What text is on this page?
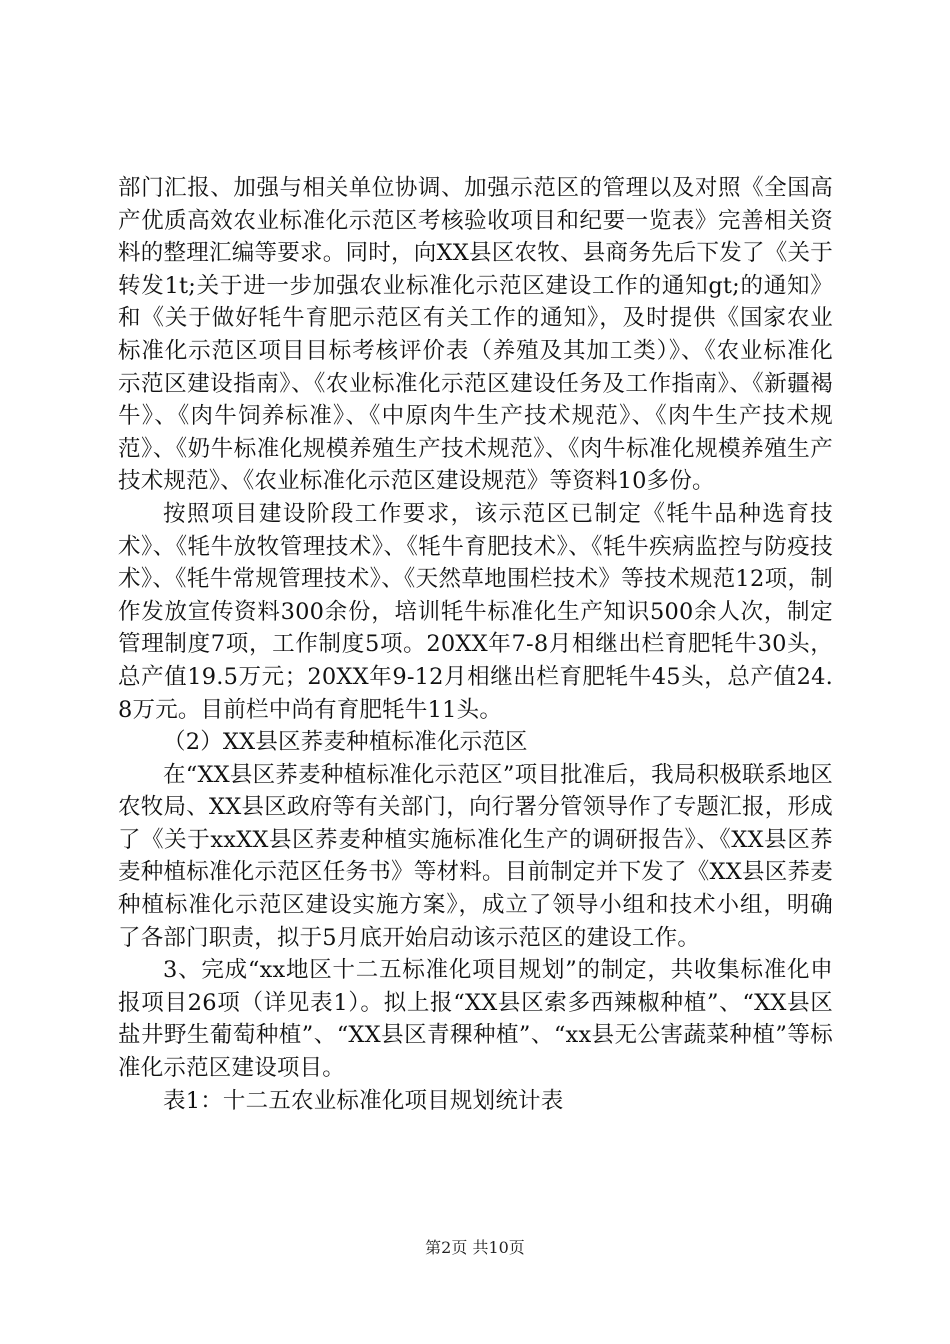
部门汇报、加强与相关单位协调、加强示范区的管理以及对照《全国高产优质高效农业标准化示范区考核验收项目和纪要一览表》完善相关资料的整理汇编等要求。同时，向XX县区农牧、县商务先后下发了《关于转发1t;关于进一步加强农业标准化示范区建设工作的通知gt;的通知》和《关于做好牦牛育肥示范区有关工作的通知》，及时提供《国家农业标准化示范区项目目标考核评价表（养殖及其加工类）》、《农业标准化示范区建设指南》、《农业标准化示范区建设任务及工作指南》、《新疆褐牛》、《肉牛饲养标准》、《中原肉牛生产技术规范》、《肉牛生产技术规范》、《奶牛标准化规模养殖生产技术规范》、《肉牛标准化规模养殖生产技术规范》、《农业标准化示范区建设规范》等资料10多份。

按照项目建设阶段工作要求，该示范区已制定《牦牛品种选育技术》、《牦牛放牧管理技术》、《牦牛育肥技术》、《牦牛疾病监控与防疫技术》、《牦牛常规管理技术》、《天然草地围栏技术》等技术规范12项，制作发放宣传资料300余份，培训牦牛标准化生产知识500余人次，制定管理制度7项，工作制度5项。20XX年7-8月相继出栏育肥牦牛30头，总产值19.5万元；20XX年9-12月相继出栏育肥牦牛45头，总产值24.8万元。目前栏中尚有育肥牦牛11头。

（2）XX县区荞麦种植标准化示范区

在“XX县区荞麦种植标准化示范区”项目批准后，我局积极联系地区农牧局、XX县区政府等有关部门，向行署分管领导作了专题汇报，形成了《关于xxXX县区荞麦种植实施标准化生产的调研报告》、《XX县区荞麦种植标准化示范区任务书》等材料。目前制定并下发了《XX县区荞麦种植标准化示范区建设实施方案》，成立了领导小组和技术小组，明确了各部门职责，拟于5月底开始启动该示范区的建设工作。

3、完成“xx地区十二五标准化项目规划”的制定，共收集标准化申报项目26项（详见表1）。拟上报“XX县区索多西辣椒种植”、“XX县区盐井野生葡萄种植”、“XX县区青稞种植”、“xx县无公害蔬菜种植”等标准化示范区建设项目。

表1：十二五农业标准化项目规划统计表

第2页 共10页
